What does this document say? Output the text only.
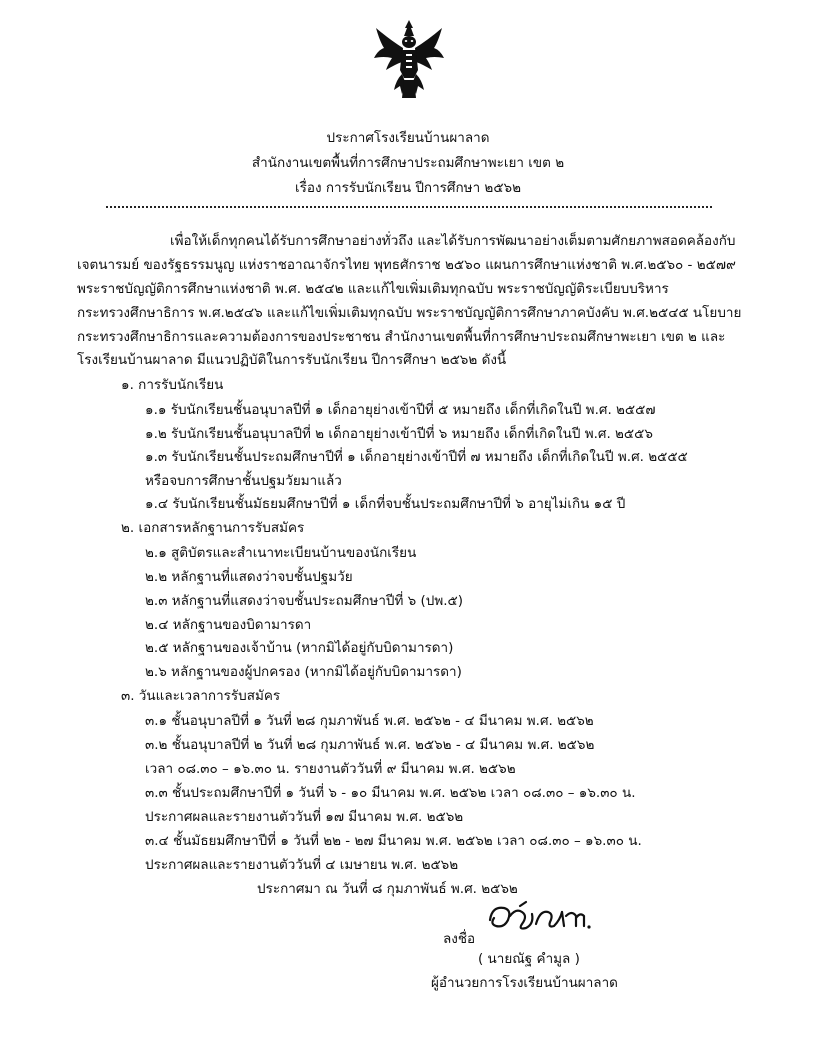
ประกาศโรงเรียนบ้านผาลาด
สำนักงานเขตพื้นที่การศึกษาประถมศึกษาพะเยา เขต ๒
เรื่อง การรับนักเรียน ปีการศึกษา ๒๕๖๒
เพื่อให้เด็กทุกคนได้รับการศึกษาอย่างทั่วถึง และได้รับการพัฒนาอย่างเต็มตามศักยภาพสอดคล้องกับ
เจตนารมย์ ของรัฐธรรมนูญ แห่งราชอาณาจักรไทย พุทธศักราช ๒๕๖๐ แผนการศึกษาแห่งชาติ พ.ศ.๒๕๖๐ - ๒๕๗๙
พระราชบัญญัติการศึกษาแห่งชาติ พ.ศ. ๒๕๔๒ และแก้ไขเพิ่มเติมทุกฉบับ พระราชบัญญัติระเบียบบริหาร
กระทรวงศึกษาธิการ พ.ศ.๒๕๔๖ และแก้ไขเพิ่มเติมทุกฉบับ พระราชบัญญัติการศึกษาภาคบังคับ พ.ศ.๒๕๔๕ นโยบาย
กระทรวงศึกษาธิการและความต้องการของประชาชน สำนักงานเขตพื้นที่การศึกษาประถมศึกษาพะเยา เขต ๒ และ
โรงเรียนบ้านผาลาด มีแนวปฏิบัติในการรับนักเรียน ปีการศึกษา ๒๕๖๒ ดังนี้
๑. การรับนักเรียน
๑.๑ รับนักเรียนชั้นอนุบาลปีที่ ๑ เด็กอายุย่างเข้าปีที่ ๕ หมายถึง เด็กที่เกิดในปี พ.ศ. ๒๕๕๗
๑.๒ รับนักเรียนชั้นอนุบาลปีที่ ๒ เด็กอายุย่างเข้าปีที่ ๖ หมายถึง เด็กที่เกิดในปี พ.ศ. ๒๕๕๖
๑.๓ รับนักเรียนชั้นประถมศึกษาปีที่ ๑ เด็กอายุย่างเข้าปีที่ ๗ หมายถึง เด็กที่เกิดในปี พ.ศ. ๒๕๕๕
หรือจบการศึกษาชั้นปฐมวัยมาแล้ว
๑.๔ รับนักเรียนชั้นมัธยมศึกษาปีที่ ๑ เด็กที่จบชั้นประถมศึกษาปีที่ ๖ อายุไม่เกิน ๑๕ ปี
๒. เอกสารหลักฐานการรับสมัคร
๒.๑ สูติบัตรและสำเนาทะเบียนบ้านของนักเรียน
๒.๒ หลักฐานที่แสดงว่าจบชั้นปฐมวัย
๒.๓ หลักฐานที่แสดงว่าจบชั้นประถมศึกษาปีที่ ๖ (ปพ.๕)
๒.๔ หลักฐานของบิดามารดา
๒.๕ หลักฐานของเจ้าบ้าน (หากมิได้อยู่กับบิดามารดา)
๒.๖ หลักฐานของผู้ปกครอง (หากมิได้อยู่กับบิดามารดา)
๓. วันและเวลาการรับสมัคร
๓.๑ ชั้นอนุบาลปีที่ ๑ วันที่ ๒๘ กุมภาพันธ์ พ.ศ. ๒๕๖๒ - ๔ มีนาคม พ.ศ. ๒๕๖๒
๓.๒ ชั้นอนุบาลปีที่ ๒ วันที่ ๒๘ กุมภาพันธ์ พ.ศ. ๒๕๖๒ - ๔ มีนาคม พ.ศ. ๒๕๖๒
เวลา ๐๘.๓๐ – ๑๖.๓๐ น. รายงานตัววันที่ ๙ มีนาคม พ.ศ. ๒๕๖๒
๓.๓ ชั้นประถมศึกษาปีที่ ๑ วันที่ ๖ - ๑๐ มีนาคม พ.ศ. ๒๕๖๒ เวลา ๐๘.๓๐ – ๑๖.๓๐ น.
ประกาศผลและรายงานตัววันที่ ๑๗ มีนาคม พ.ศ. ๒๕๖๒
๓.๔ ชั้นมัธยมศึกษาปีที่ ๑ วันที่ ๒๒ - ๒๗ มีนาคม พ.ศ. ๒๕๖๒ เวลา ๐๘.๓๐ – ๑๖.๓๐ น.
ประกาศผลและรายงานตัววันที่ ๔ เมษายน พ.ศ. ๒๕๖๒
ประกาศมา ณ วันที่ ๘ กุมภาพันธ์ พ.ศ. ๒๕๖๒
ลงชื่อ
( นายณัฐ คำมูล )
ผู้อำนวยการโรงเรียนบ้านผาลาด
